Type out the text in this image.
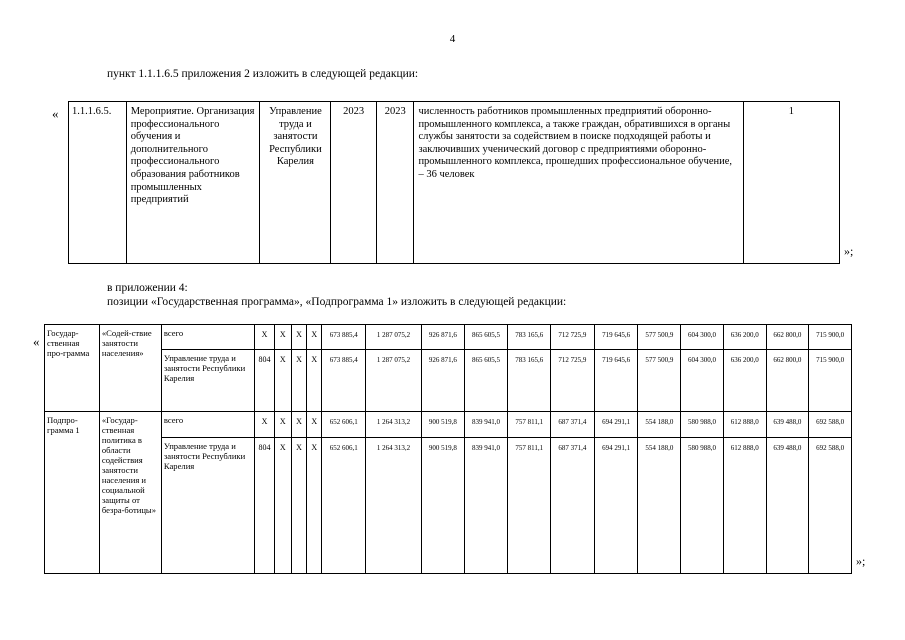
4
пункт 1.1.1.6.5 приложения 2 изложить в следующей редакции:
« 1.1.1.6.5.	Мероприятие. Организация профессионального обучения и дополнительного профессионального образования работников промышленных предприятий	Управление труда и занятости Республики Карелия	2023	2023	численность работников промышленных предприятий оборонно-промышленного комплекса, а также граждан, обратившихся в органы службы занятости за содействием в поиске подходящей работы и заключивших ученический договор с предприятиями оборонно-промышленного комплекса, прошедших профессиональное обучение, – 36 человек	1
»;
в приложении 4:
позиции «Государственная программа», «Подпрограмма 1» изложить в следующей редакции:
«
Государ-ственная про-грамма	«Содей-ствие занятости населения»	всего	Х	Х	Х	Х	673 885,4	1 287 075,2	926 871,6	865 605,5	783 165,6	712 725,9	719 645,6	577 500,9	604 300,0	636 200,0	662 800,0	715 900,0
		Управление труда и занятости Республики Карелия	804	Х	Х	Х	673 885,4	1 287 075,2	926 871,6	865 605,5	783 165,6	712 725,9	719 645,6	577 500,9	604 300,0	636 200,0	662 800,0	715 900,0
Подпро-грамма 1	«Государ-ственная политика в области содействия занятости населения и социальной защиты от безра-ботицы»	всего	Х	Х	Х	Х	652 606,1	1 264 313,2	900 519,8	839 941,0	757 811,1	687 371,4	694 291,1	554 188,0	580 988,0	612 888,0	639 488,0	692 588,0
		Управление труда и занятости Республики Карелия	804	Х	Х	Х	652 606,1	1 264 313,2	900 519,8	839 941,0	757 811,1	687 371,4	694 291,1	554 188,0	580 988,0	612 888,0	639 488,0	692 588,0
»;
